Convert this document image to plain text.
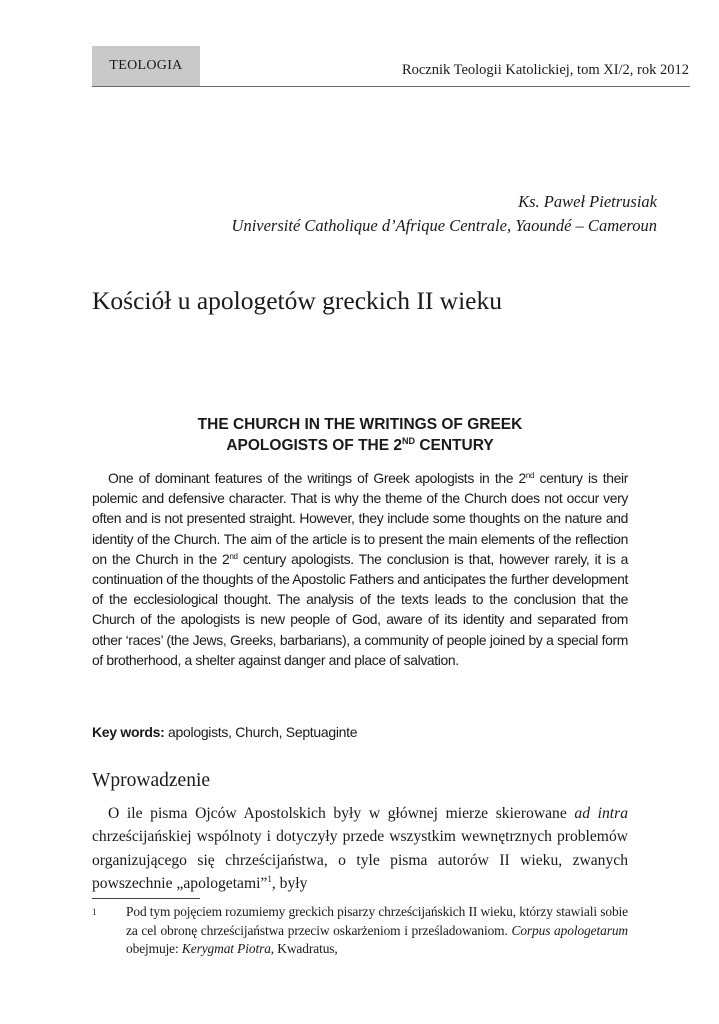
TEOLOGIA	Rocznik Teologii Katolickiej, tom XI/2, rok 2012
Ks. Paweł Pietrusiak
Université Catholique d’Afrique Centrale, Yaoundé – Cameroun
Kościół u apologetów greckich II wieku
THE CHURCH IN THE WRITINGS OF GREEK
APOLOGISTS OF THE 2ND CENTURY

One of dominant features of the writings of Greek apologists in the 2nd century is their polemic and defensive character. That is why the theme of the Church does not occur very often and is not presented straight. However, they include some thoughts on the nature and identity of the Church. The aim of the article is to present the main elements of the reflection on the Church in the 2nd century apologists. The conclusion is that, however rarely, it is a continuation of the thoughts of the Apostolic Fathers and anticipates the further development of the ecclesiological thought. The analysis of the texts leads to the conclusion that the Church of the apologists is new people of God, aware of its identity and separated from other ‘races’ (the Jews, Greeks, barbarians), a community of people joined by a special form of brotherhood, a shelter against danger and place of salvation.

Key words: apologists, Church, Septuaginte
Wprowadzenie

O ile pisma Ojców Apostolskich były w głównej mierze skierowane ad intra chrześcijańskiej wspólnoty i dotyczyły przede wszystkim wewnętrznych problemów organizującego się chrześcijaństwa, o tyle pisma autorów II wieku, zwanych powszechnie „apologetami”$^1$, były

1 Pod tym pojęciem rozumiemy greckich pisarzy chrześcijańskich II wieku, którzy stawiali sobie za cel obronę chrześcijaństwa przeciw oskarżeniom i prześladowaniom. Corpus apologetarum obejmuje: Kerygmat Piotra, Kwadratus,
